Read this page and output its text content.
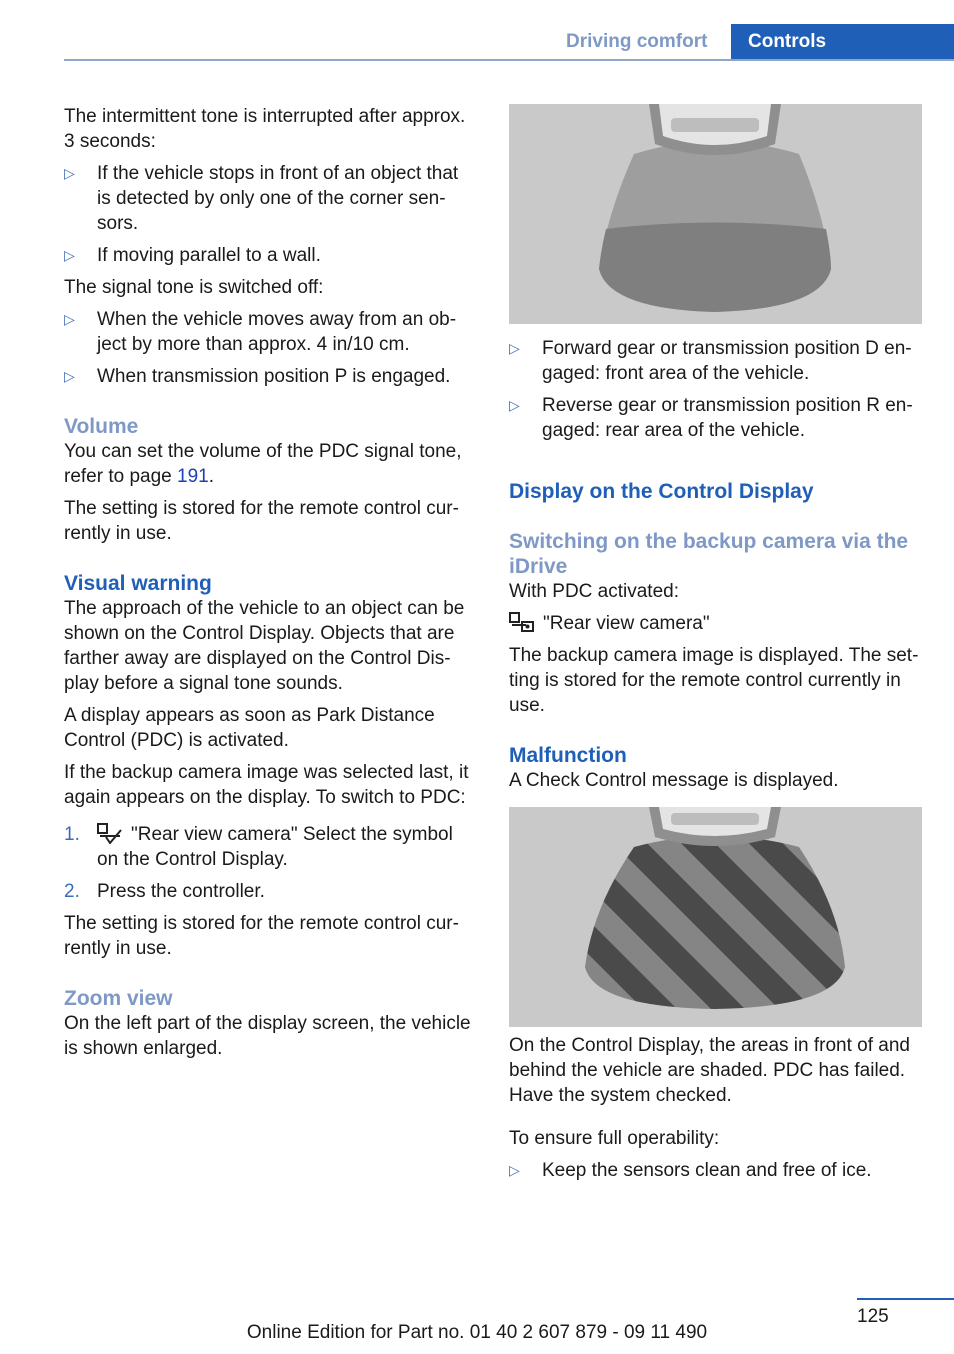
Driving comfort	Controls

The intermittent tone is interrupted after approx. 3 seconds:

▷	If the vehicle stops in front of an object that is detected by only one of the corner sen‐ sors.
▷	If moving parallel to a wall.

The signal tone is switched off:

▷	When the vehicle moves away from an ob‐ ject by more than approx. 4 in/10 cm.
▷	When transmission position P is engaged.
Volume

You can set the volume of the PDC signal tone, refer to page 191.

The setting is stored for the remote control cur‐ rently in use.

Visual warning

The approach of the vehicle to an object can be shown on the Control Display. Objects that are farther away are displayed on the Control Dis‐ play before a signal tone sounds.

A display appears as soon as Park Distance Control (PDC) is activated.

If the backup camera image was selected last, it again appears on the display. To switch to PDC:

1.	"Rear view camera" Select the symbol on the Control Display.
2. Press the controller.

The setting is stored for the remote control cur‐ rently in use.

Zoom view

On the left part of the display screen, the vehicle is shown enlarged.

▷	Forward gear or transmission position D en‐ gaged: front area of the vehicle.
▷	Reverse gear or transmission position R en‐ gaged: rear area of the vehicle.
Display on the Control Display
Switching on the backup camera via the iDrive

With PDC activated:

"Rear view camera"

The backup camera image is displayed. The set‐ ting is stored for the remote control currently in use.

Malfunction

A Check Control message is displayed.

On the Control Display, the areas in front of and behind the vehicle are shaded. PDC has failed. Have the system checked.

To ensure full operability:

▷	Keep the sensors clean and free of ice.
125
Online Edition for Part no. 01 40 2 607 879 - 09 11 490
